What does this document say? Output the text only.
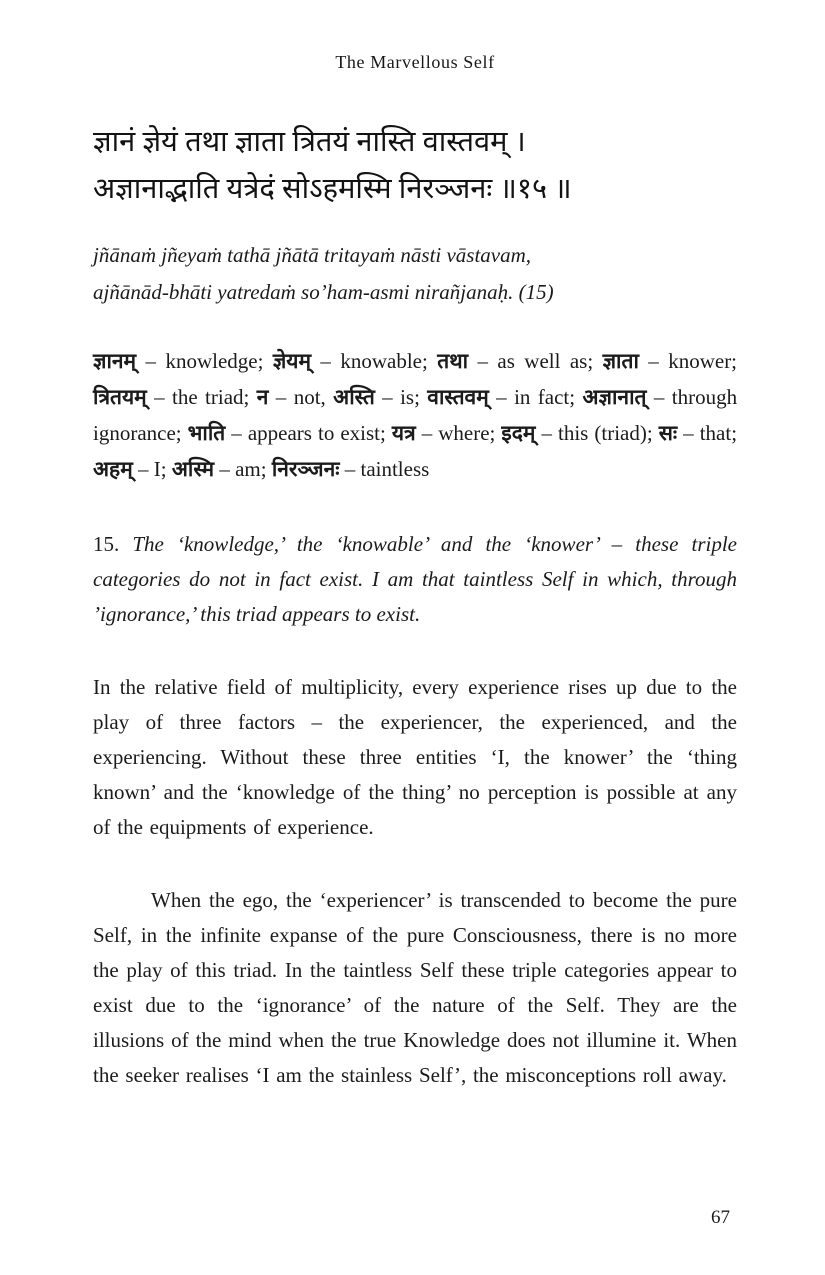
The Marvellous Self
ज्ञानं ज्ञेयं तथा ज्ञाता त्रितयं नास्ति वास्तवम् ।
अज्ञानाद्भाति यत्रेदं सोऽहमस्मि निरञ्जनः ॥१५ ॥
jñānaṁ jñeyaṁ tathā jñātā tritayaṁ nāsti vāstavam,
ajñānād-bhāti yatredaṁ so’ham-asmi nirañjanaḥ. (15)

ज्ञानम् – knowledge; ज्ञेयम् – knowable; तथा – as well as; ज्ञाता – knower; त्रितयम् – the triad; न – not, अस्ति – is; वास्तवम् – in fact; अज्ञानात् – through ignorance; भाति – appears to exist; यत्र – where; इदम् – this (triad); सः – that; अहम् – I; अस्मि – am; निरञ्जनः – taintless

15. The ‘knowledge,’ the ‘knowable’ and the ‘knower’ – these triple categories do not in fact exist. I am that taintless Self in which, through ’ignorance,’ this triad appears to exist.

In the relative field of multiplicity, every experience rises up due to the play of three factors – the experiencer, the experienced, and the experiencing. Without these three entities ‘I, the knower’ the ‘thing known’ and the ‘knowledge of the thing’ no perception is possible at any of the equipments of experience.

When the ego, the ‘experiencer’ is transcended to become the pure Self, in the infinite expanse of the pure Consciousness, there is no more the play of this triad. In the taintless Self these triple categories appear to exist due to the ‘ignorance’ of the nature of the Self. They are the illusions of the mind when the true Knowledge does not illumine it. When the seeker realises ‘I am the stainless Self’, the misconceptions roll away.

67
